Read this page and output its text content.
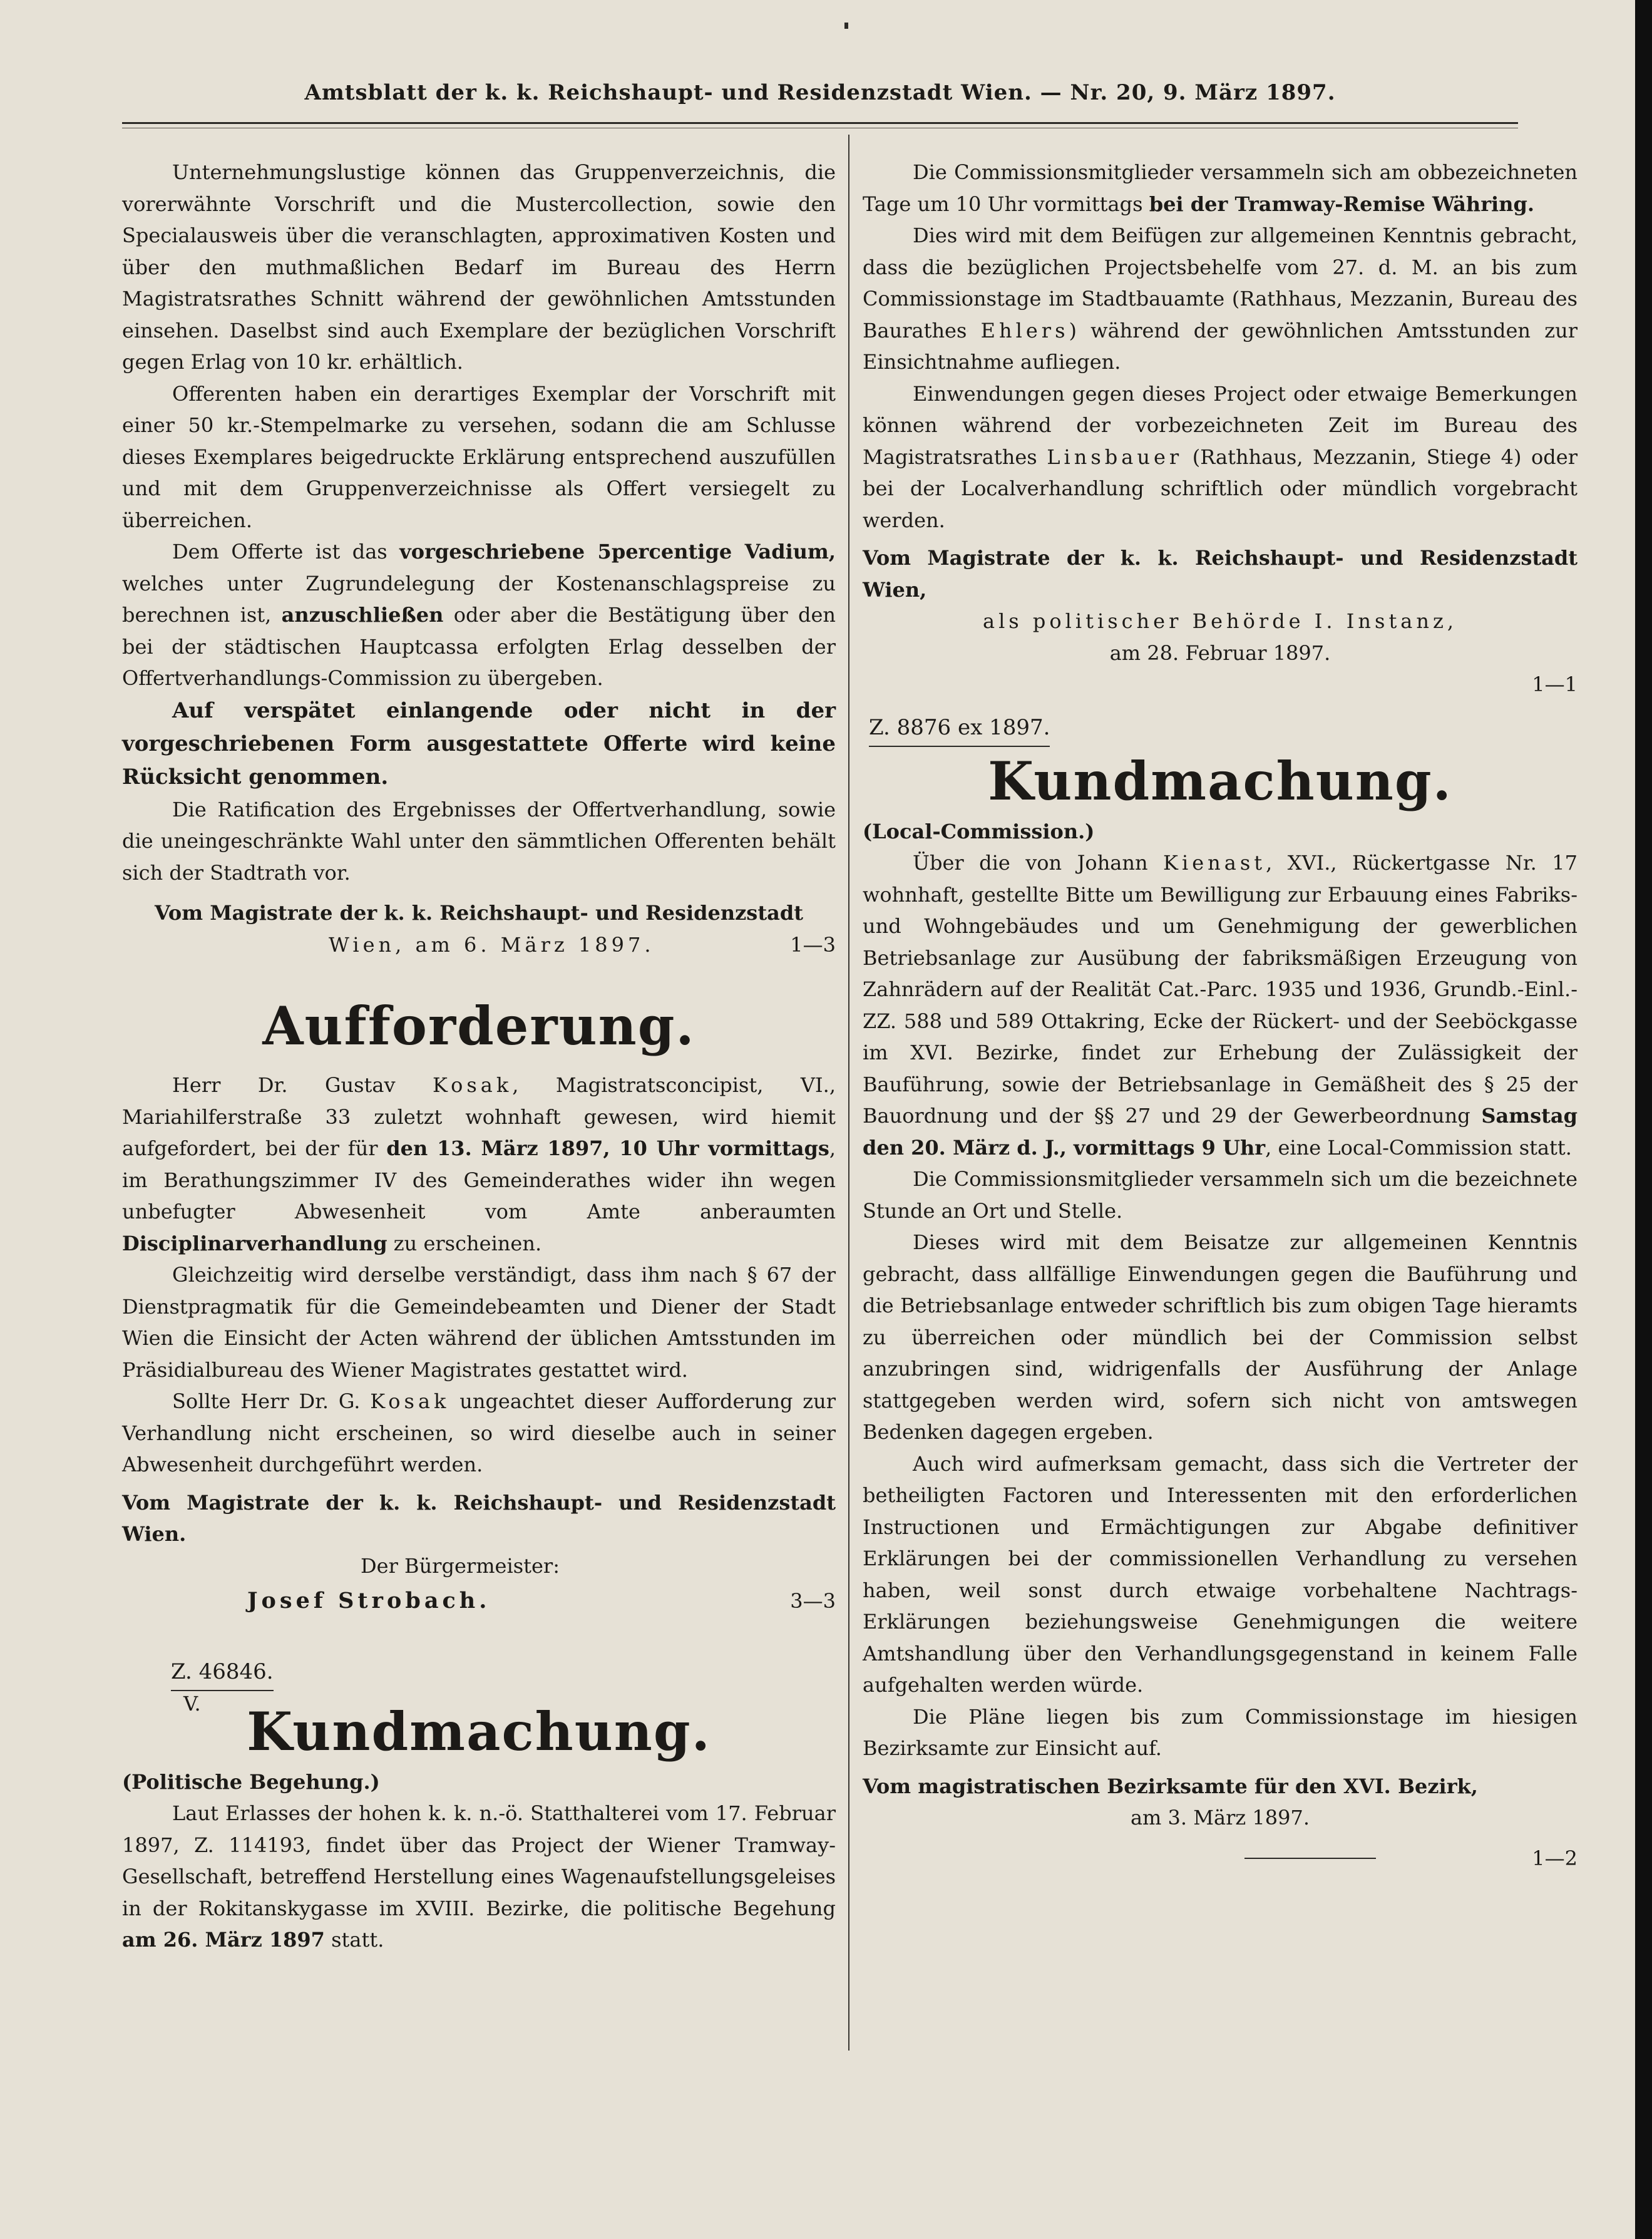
Amtsblatt der k. k. Reichshaupt- und Residenzstadt Wien. — Nr. 20, 9. März 1897.

Unternehmungslustige können das Gruppenverzeichnis, die vorerwähnte Vorschrift und die Mustercollection, sowie den Specialausweis über die veranschlagten, approximativen Kosten und über den muthmaßlichen Bedarf im Bureau des Herrn Magistratsrathes Schnitt während der gewöhnlichen Amtsstunden einsehen. Daselbst sind auch Exemplare der bezüglichen Vorschrift gegen Erlag von 10 kr. erhältlich.

Offerenten haben ein derartiges Exemplar der Vorschrift mit einer 50 kr.-Stempelmarke zu versehen, sodann die am Schlusse dieses Exemplares beigedruckte Erklärung entsprechend auszufüllen und mit dem Gruppenverzeichnisse als Offert versiegelt zu überreichen.

Dem Offerte ist das vorgeschriebene 5percentige Vadium, welches unter Zugrundelegung der Kostenanschlagspreise zu berechnen ist, anzuschließen oder aber die Bestätigung über den bei der städtischen Hauptcassa erfolgten Erlag desselben der Offertverhandlungs-Commission zu übergeben.

Auf verspätet einlangende oder nicht in der vorgeschriebenen Form ausgestattete Offerte wird keine Rücksicht genommen.

Die Ratification des Ergebnisses der Offertverhandlung, sowie die uneingeschränkte Wahl unter den sämmtlichen Offerenten behält sich der Stadtrath vor.

Vom Magistrate der k. k. Reichshaupt- und Residenzstadt

Wien, am 6. März 1897.	1—3
Aufforderung.

Herr Dr. Gustav Kosak, Magistratsconcipist, VI., Mariahilferstraße 33 zuletzt wohnhaft gewesen, wird hiemit aufgefordert, bei der für den 13. März 1897, 10 Uhr vormittags, im Berathungszimmer IV des Gemeinderathes wider ihn wegen unbefugter Abwesenheit vom Amte anberaumten Disciplinarverhandlung zu erscheinen.

Gleichzeitig wird derselbe verständigt, dass ihm nach § 67 der Dienstpragmatik für die Gemeindebeamten und Diener der Stadt Wien die Einsicht der Acten während der üblichen Amtsstunden im Präsidialbureau des Wiener Magistrates gestattet wird.

Sollte Herr Dr. G. Kosak ungeachtet dieser Aufforderung zur Verhandlung nicht erscheinen, so wird dieselbe auch in seiner Abwesenheit durchgeführt werden.

Vom Magistrate der k. k. Reichshaupt- und Residenzstadt Wien.

Der Bürgermeister:

Josef Strobach.	3—3
Z. 46846.
V. Kundmachung.

(Politische Begehung.)

Laut Erlasses der hohen k. k. n.-ö. Statthalterei vom 17. Februar 1897, Z. 114193, findet über das Project der Wiener Tramway-Gesellschaft, betreffend Herstellung eines Wagenaufstellungsgeleises in der Rokitanskygasse im XVIII. Bezirke, die politische Begehung am 26. März 1897 statt.

Die Commissionsmitglieder versammeln sich am obbezeichneten Tage um 10 Uhr vormittags bei der Tramway-Remise Währing.

Dies wird mit dem Beifügen zur allgemeinen Kenntnis gebracht, dass die bezüglichen Projectsbehelfe vom 27. d. M. an bis zum Commissionstage im Stadtbauamte (Rathhaus, Mezzanin, Bureau des Baurathes Ehlers) während der gewöhnlichen Amtsstunden zur Einsichtnahme aufliegen.

Einwendungen gegen dieses Project oder etwaige Bemerkungen können während der vorbezeichneten Zeit im Bureau des Magistratsrathes Linsbauer (Rathhaus, Mezzanin, Stiege 4) oder bei der Localverhandlung schriftlich oder mündlich vorgebracht werden.

Vom Magistrate der k. k. Reichshaupt- und Residenzstadt Wien,

als politischer Behörde I. Instanz,

am 28. Februar 1897.

1—1

Z. 8876 ex 1897.
Kundmachung.

(Local-Commission.)

Über die von Johann Kienast, XVI., Rückertgasse Nr. 17 wohnhaft, gestellte Bitte um Bewilligung zur Erbauung eines Fabriks- und Wohngebäudes und um Genehmigung der gewerblichen Betriebsanlage zur Ausübung der fabriksmäßigen Erzeugung von Zahnrädern auf der Realität Cat.-Parc. 1935 und 1936, Grundb.-Einl.-ZZ. 588 und 589 Ottakring, Ecke der Rückert- und der Seeböckgasse im XVI. Bezirke, findet zur Erhebung der Zulässigkeit der Bauführung, sowie der Betriebsanlage in Gemäßheit des § 25 der Bauordnung und der §§ 27 und 29 der Gewerbeordnung Samstag den 20. März d. J., vormittags 9 Uhr, eine Local-Commission statt.

Die Commissionsmitglieder versammeln sich um die bezeichnete Stunde an Ort und Stelle.

Dieses wird mit dem Beisatze zur allgemeinen Kenntnis gebracht, dass allfällige Einwendungen gegen die Bauführung und die Betriebsanlage entweder schriftlich bis zum obigen Tage hieramts zu überreichen oder mündlich bei der Commission selbst anzubringen sind, widrigenfalls der Ausführung der Anlage stattgegeben werden wird, sofern sich nicht von amtswegen Bedenken dagegen ergeben.

Auch wird aufmerksam gemacht, dass sich die Vertreter der betheiligten Factoren und Interessenten mit den erforderlichen Instructionen und Ermächtigungen zur Abgabe definitiver Erklärungen bei der commissionellen Verhandlung zu versehen haben, weil sonst durch etwaige vorbehaltene Nachtrags-Erklärungen beziehungsweise Genehmigungen die weitere Amtshandlung über den Verhandlungsgegenstand in keinem Falle aufgehalten werden würde.

Die Pläne liegen bis zum Commissionstage im hiesigen Bezirksamte zur Einsicht auf.

Vom magistratischen Bezirksamte für den XVI. Bezirk,

am 3. März 1897.

1—2
